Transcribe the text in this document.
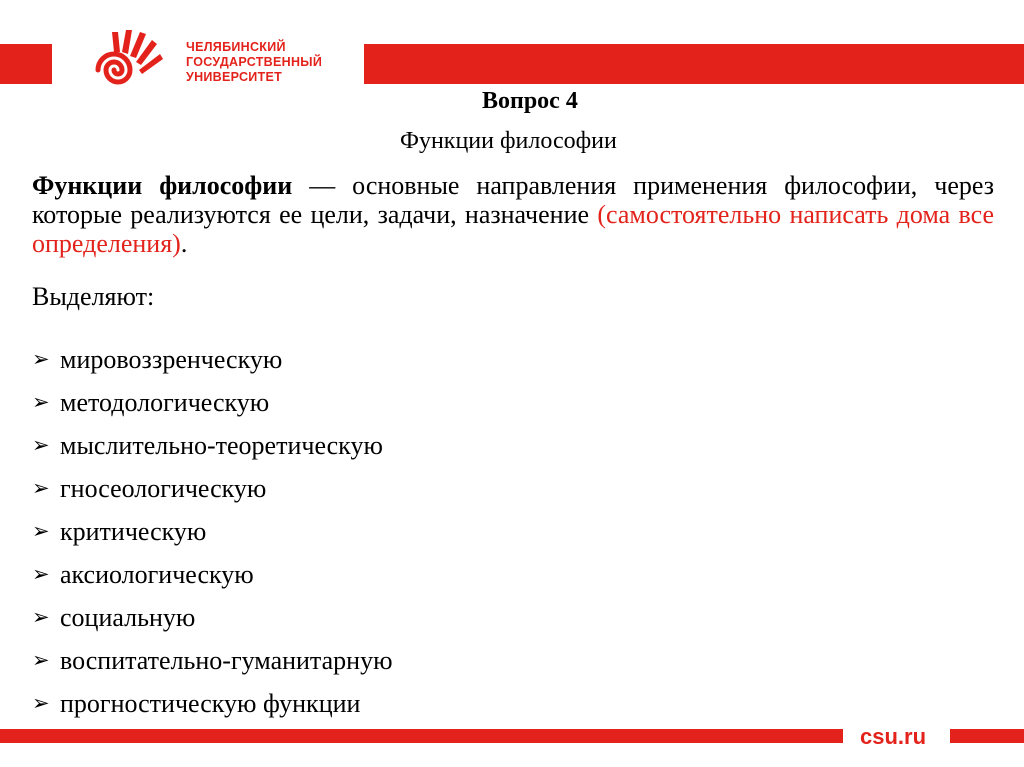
ЧЕЛЯБИНСКИЙ
ГОСУДАРСТВЕННЫЙ
УНИВЕРСИТЕТ
Вопрос 4
Функции философии
Функции философии — основные направления применения философии, через которые реализуются ее цели, задачи, назначение (самостоятельно написать дома все определения).
Выделяют:
➢ мировоззренческую
➢ методологическую
➢ мыслительно-теоретическую
➢ гносеологическую
➢ критическую
➢ аксиологическую
➢ социальную
➢ воспитательно-гуманитарную
➢ прогностическую функции
csu.ru
